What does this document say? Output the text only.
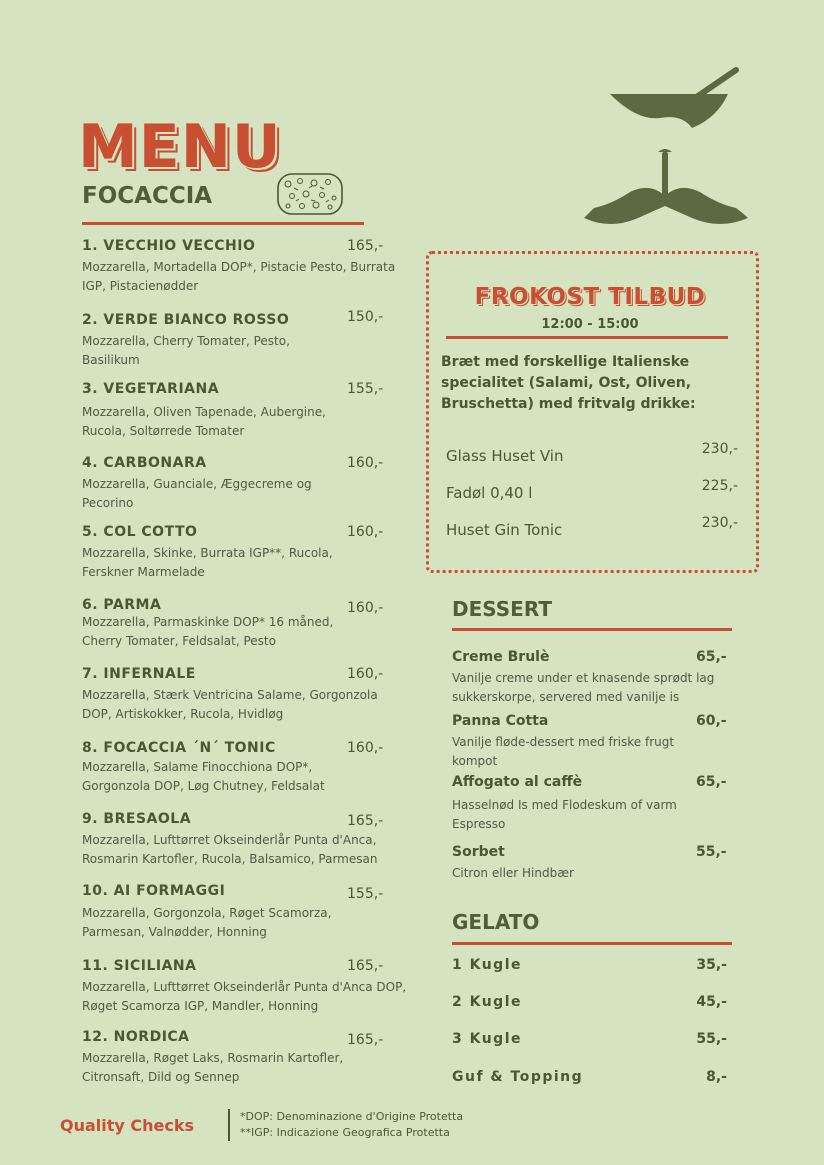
MENU
FOCACCIA
1. VECCHIO VECCHIO	165,-
Mozzarella, Mortadella DOP*, Pistacie Pesto, Burrata IGP, Pistacienødder
2. VERDE BIANCO ROSSO	150,-
Mozzarella, Cherry Tomater, Pesto, Basilikum
3. VEGETARIANA	155,-
Mozzarella, Oliven Tapenade, Aubergine, Rucola, Soltørrede Tomater
4. CARBONARA	160,-
Mozzarella, Guanciale, Æggecreme og Pecorino
5. COL COTTO	160,-
Mozzarella, Skinke, Burrata IGP**, Rucola, Ferskner Marmelade
6. PARMA	160,-
Mozzarella, Parmaskinke DOP* 16 måned, Cherry Tomater, Feldsalat, Pesto
7. INFERNALE	160,-
Mozzarella, Stærk Ventricina Salame, Gorgonzola DOP, Artiskokker, Rucola, Hvidløg
8. FOCACCIA ´N´ TONIC	160,-
Mozzarella, Salame Finocchiona DOP*, Gorgonzola DOP, Løg Chutney, Feldsalat
9. BRESAOLA	165,-
Mozzarella, Lufttørret Okseinderlår Punta d'Anca, Rosmarin Kartofler, Rucola, Balsamico, Parmesan
10. AI FORMAGGI	155,-
Mozzarella, Gorgonzola, Røget Scamorza, Parmesan, Valnødder, Honning
11. SICILIANA	165,-
Mozzarella, Lufttørret Okseinderlår Punta d'Anca DOP, Røget Scamorza IGP, Mandler, Honning
12. NORDICA	165,-
Mozzarella, Røget Laks, Rosmarin Kartofler, Citronsaft, Dild og Sennep
FROKOST TILBUD
12:00 - 15:00
Bræt med forskellige Italienske specialitet (Salami, Ost, Oliven, Bruschetta) med fritvalg drikke:
Glass Huset Vin	230,-
Fadøl 0,40 l	225,-
Huset Gin Tonic	230,-
DESSERT
Creme Brulè	65,-
Vanilje creme under et knasende sprødt lag sukkerskorpe, servered med vanilje is
Panna Cotta	60,-
Vanilje fløde-dessert med friske frugt kompot
Affogato al caffè	65,-
Hasselnød Is med Flodeskum of varm Espresso
Sorbet	55,-
Citron eller Hindbær
GELATO
1 Kugle	35,-
2 Kugle	45,-
3 Kugle	55,-
Guf & Topping	8,-
Quality Checks	*DOP: Denominazione d'Origine Protetta
**IGP: Indicazione Geografica Protetta
